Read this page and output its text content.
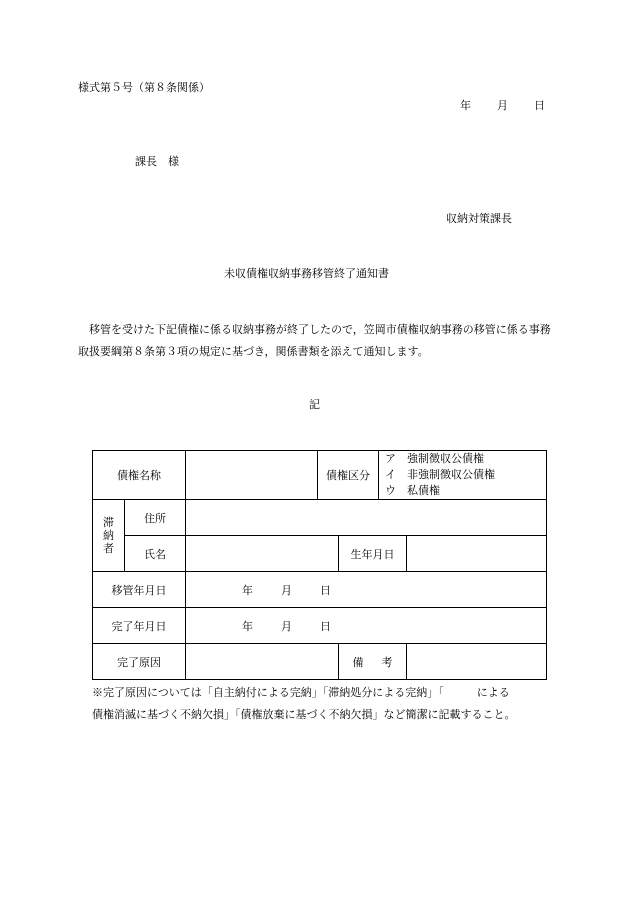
様式第５号（第８条関係）
年 月 日
課長　様
収納対策課長
未収債権収納事務移管終了通知書
移管を受けた下記債権に係る収納事務が終了したので，笠岡市債権収納事務の移管に係る事務取扱要綱第８条第３項の規定に基づき，関係書類を添えて通知します。
記
債権名称			債権区分		ア 強制徴収公債権
イ 非強制徴収公債権
ウ 私債権	

滞
納
者	住所					
	氏名			生年月日		
移管年月日		年 月 日				
完了年月日		年 月 日				
完了原因				備 考		
※完了原因については「自主納付による完納」「滞納処分による完納」「　　　による
債権消滅に基づく不納欠損」「債権放棄に基づく不納欠損」など簡潔に記載すること。
